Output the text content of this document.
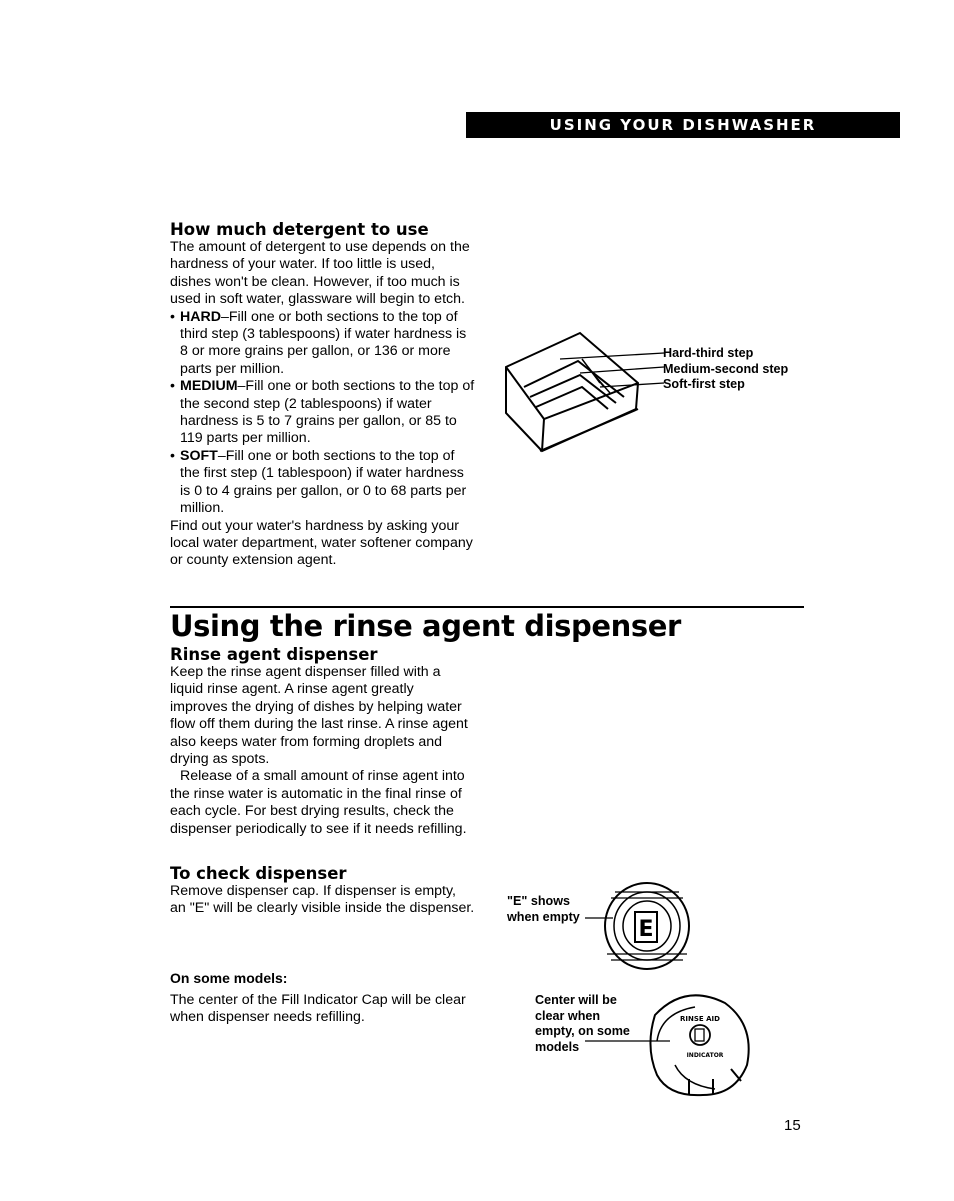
USING YOUR DISHWASHER
How much detergent to use

The amount of detergent to use depends on the hardness of your water. If too little is used, dishes won't be clean. However, if too much is used in soft water, glassware will begin to etch.

• HARD–Fill one or both sections to the top of third step (3 tablespoons) if water hardness is 8 or more grains per gallon, or 136 or more parts per million.
• MEDIUM–Fill one or both sections to the top of the second step (2 tablespoons) if water hardness is 5 to 7 grains per gallon, or 85 to 119 parts per million.
• SOFT–Fill one or both sections to the top of the first step (1 tablespoon) if water hardness is 0 to 4 grains per gallon, or 0 to 68 parts per million.

Find out your water's hardness by asking your local water department, water softener company or county extension agent.

Hard-third step
Medium-second step
Soft-first step
Using the rinse agent dispenser
Rinse agent dispenser

Keep the rinse agent dispenser filled with a liquid rinse agent. A rinse agent greatly improves the drying of dishes by helping water flow off them during the last rinse. A rinse agent also keeps water from forming droplets and drying as spots.

Release of a small amount of rinse agent into the rinse water is automatic in the final rinse of each cycle. For best drying results, check the dispenser periodically to see if it needs refilling.

To check dispenser

Remove dispenser cap. If dispenser is empty, an "E" will be clearly visible inside the dispenser.

On some models:

The center of the Fill Indicator Cap will be clear when dispenser needs refilling.

"E" shows
when empty
E
Center will be
clear when
empty, on some
models
RINSE AID
INDICATOR
15
